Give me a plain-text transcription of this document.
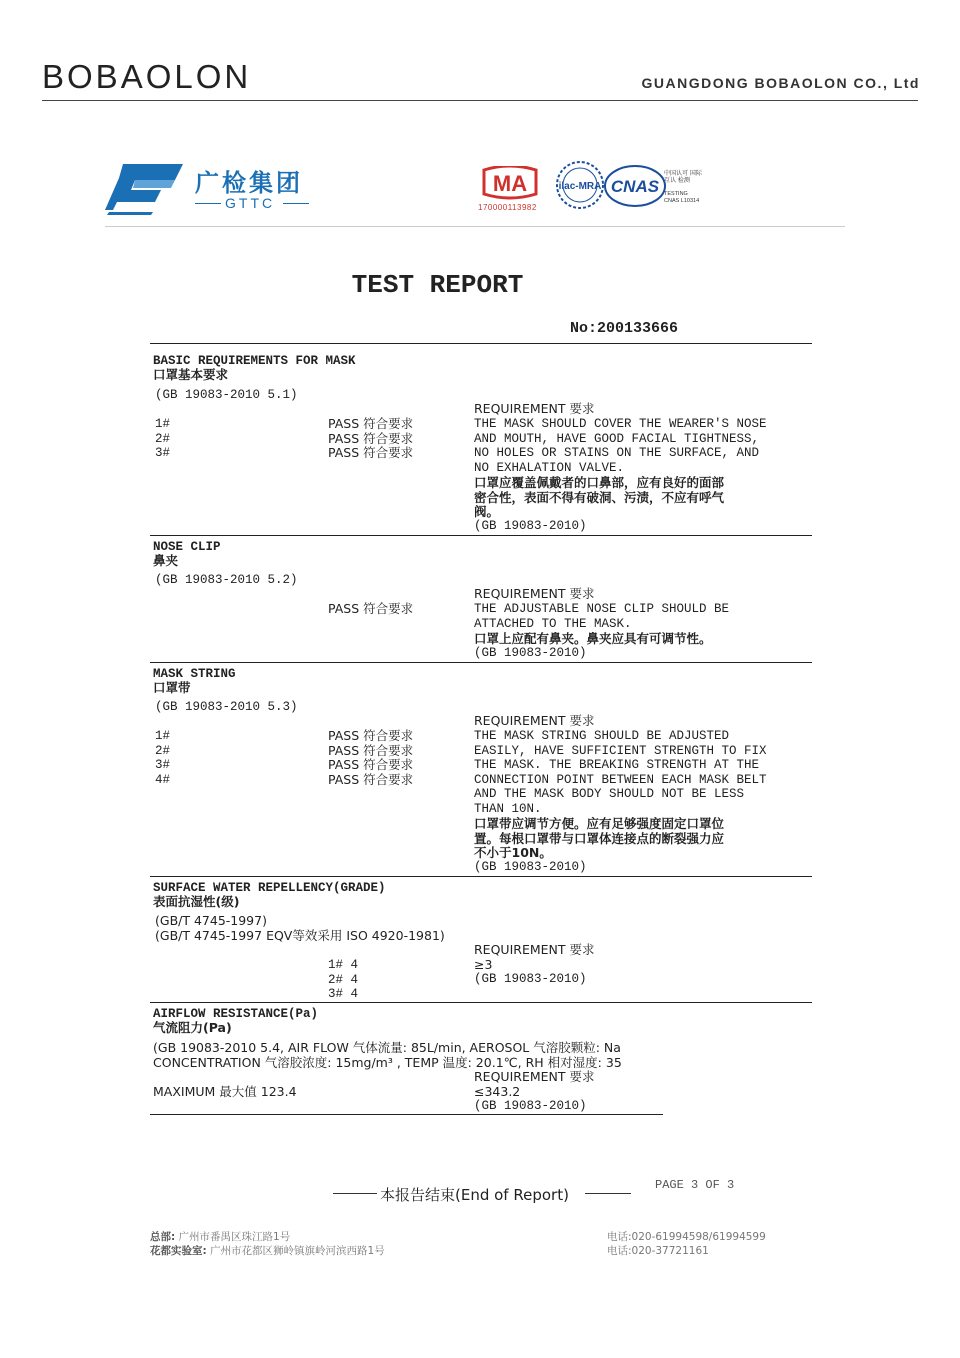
BOBAOLON	GUANGDONG BOBAOLON CO., Ltd
广检集团
GTTC
MA
170000113982
ilac-MRA CNAS
中国认可 国际互认 检测
TESTING
CNAS L10314
TEST REPORT
No:200133666
BASIC REQUIREMENTS FOR MASK
口罩基本要求
(GB 19083-2010 5.1)
1#
2#
3#
PASS 符合要求
PASS 符合要求
PASS 符合要求
REQUIREMENT 要求
THE MASK SHOULD COVER THE WEARER'S NOSE
AND MOUTH, HAVE GOOD FACIAL TIGHTNESS,
NO HOLES OR STAINS ON THE SURFACE, AND
NO EXHALATION VALVE.
口罩应覆盖佩戴者的口鼻部，应有良好的面部
密合性，表面不得有破洞、污渍，不应有呼气
阀。
(GB 19083-2010)
NOSE CLIP
鼻夹
(GB 19083-2010 5.2)
PASS 符合要求
REQUIREMENT 要求
THE ADJUSTABLE NOSE CLIP SHOULD BE
ATTACHED TO THE MASK.
口罩上应配有鼻夹。鼻夹应具有可调节性。
(GB 19083-2010)
MASK STRING
口罩带
(GB 19083-2010 5.3)
1#
2#
3#
4#
PASS 符合要求
PASS 符合要求
PASS 符合要求
PASS 符合要求
REQUIREMENT 要求
THE MASK STRING SHOULD BE ADJUSTED
EASILY, HAVE SUFFICIENT STRENGTH TO FIX
THE MASK. THE BREAKING STRENGTH AT THE
CONNECTION POINT BETWEEN EACH MASK BELT
AND THE MASK BODY SHOULD NOT BE LESS
THAN 10N.
口罩带应调节方便。应有足够强度固定口罩位
置。每根口罩带与口罩体连接点的断裂强力应
不小于10N。
(GB 19083-2010)
SURFACE WATER REPELLENCY(GRADE)
表面抗湿性(级)
(GB/T 4745-1997)
(GB/T 4745-1997 EQV等效采用 ISO 4920-1981)
1# 4
2# 4
3# 4
REQUIREMENT 要求
≥3
(GB 19083-2010)
AIRFLOW RESISTANCE(Pa)
气流阻力(Pa)
(GB 19083-2010 5.4, AIR FLOW 气体流量: 85L/min, AEROSOL 气溶胶颗粒: Na
CONCENTRATION 气溶胶浓度: 15mg/m³ , TEMP 温度: 20.1℃, RH 相对湿度: 35
REQUIREMENT 要求
MAXIMUM 最大值 123.4	≤343.2
(GB 19083-2010)
本报告结束(End of Report)
PAGE 3 OF 3
总部: 广州市番禺区珠江路1号
花都实验室: 广州市花都区狮岭镇旗岭河滨西路1号
电话:020-61994598/61994599
电话:020-37721161
